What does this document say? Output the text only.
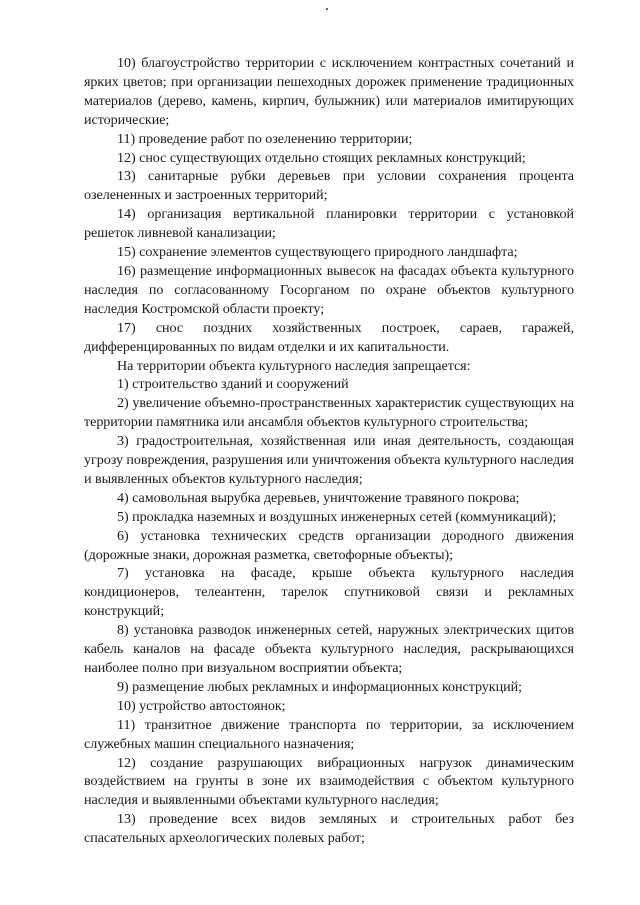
10) благоустройство территории с исключением контрастных сочетаний и ярких цветов; при организации пешеходных дорожек применение традиционных материалов (дерево, камень, кирпич, булыжник) или материалов имитирующих исторические;

11) проведение работ по озеленению территории;

12) снос существующих отдельно стоящих рекламных конструкций;

13) санитарные рубки деревьев при условии сохранения процента озелененных и застроенных территорий;

14) организация вертикальной планировки территории с установкой решеток ливневой канализации;

15) сохранение элементов существующего природного ландшафта;

16) размещение информационных вывесок на фасадах объекта культурного наследия по согласованному Госорганом по охране объектов культурного наследия Костромской области проекту;

17) снос поздних хозяйственных построек, сараев, гаражей, дифференцированных по видам отделки и их капитальности.

На территории объекта культурного наследия запрещается:

1) строительство зданий и сооружений

2) увеличение объемно-пространственных характеристик существующих на территории памятника или ансамбля объектов культурного строительства;

3) градостроительная, хозяйственная или иная деятельность, создающая угрозу повреждения, разрушения или уничтожения объекта культурного наследия и выявленных объектов культурного наследия;

4) самовольная вырубка деревьев, уничтожение травяного покрова;

5) прокладка наземных и воздушных инженерных сетей (коммуникаций);

6) установка технических средств организации дородного движения (дорожные знаки, дорожная разметка, светофорные объекты);

7) установка на фасаде, крыше объекта культурного наследия кондиционеров, телеантенн, тарелок спутниковой связи и рекламных конструкций;

8) установка разводок инженерных сетей, наружных электрических щитов кабель каналов на фасаде объекта культурного наследия, раскрывающихся наиболее полно при визуальном восприятии объекта;

9) размещение любых рекламных и информационных конструкций;

10) устройство автостоянок;

11) транзитное движение транспорта по территории, за исключением служебных машин специального назначения;

12) создание разрушающих вибрационных нагрузок динамическим воздействием на грунты в зоне их взаимодействия с объектом культурного наследия и выявленными объектами культурного наследия;

13) проведение всех видов земляных и строительных работ без спасательных археологических полевых работ;
